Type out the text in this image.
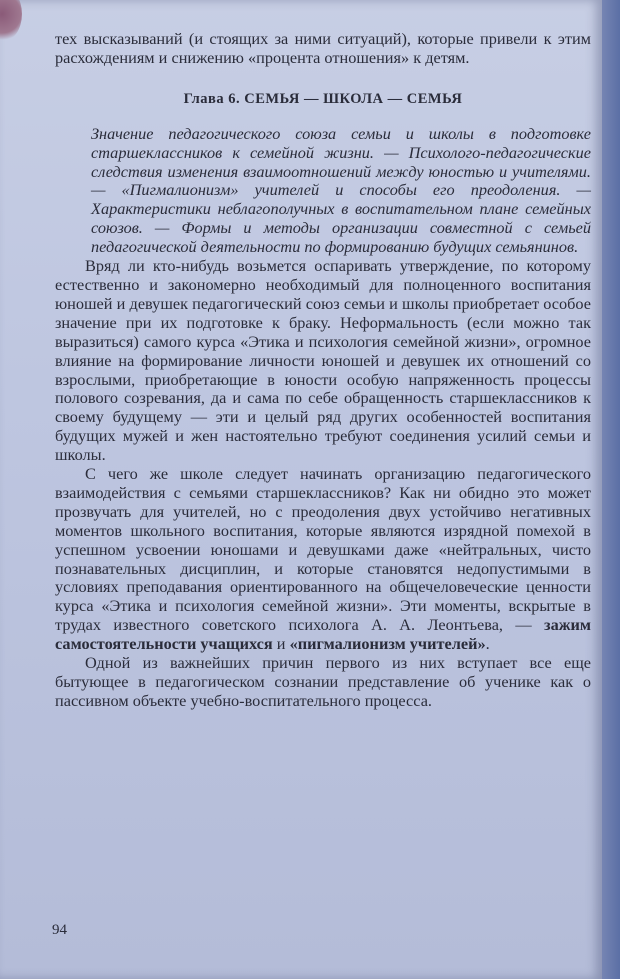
тех высказываний (и стоящих за ними ситуаций), которые привели к этим расхождениям и снижению «процента отношения» к детям.

Глава 6. СЕМЬЯ — ШКОЛА — СЕМЬЯ

Значение педагогического союза семьи и школы в подготовке старшеклассников к семейной жизни. — Психолого-педагогические следствия изменения взаимоотношений между юностью и учителями. — «Пигмалионизм» учителей и способы его преодоления. — Характеристики неблагополучных в воспитательном плане семейных союзов. — Формы и методы организации совместной с семьей педагогической деятельности по формированию будущих семьянинов.

Вряд ли кто-нибудь возьмется оспаривать утверждение, по которому естественно и закономерно необходимый для полноценного воспитания юношей и девушек педагогический союз семьи и школы приобретает особое значение при их подготовке к браку. Неформальность (если можно так выразиться) самого курса «Этика и психология семейной жизни», огромное влияние на формирование личности юношей и девушек их отношений со взрослыми, приобретающие в юности особую напряженность процессы полового созревания, да и сама по себе обращенность старшеклассников к своему будущему — эти и целый ряд других особенностей воспитания будущих мужей и жен настоятельно требуют соединения усилий семьи и школы.

С чего же школе следует начинать организацию педагогического взаимодействия с семьями старшеклассников? Как ни обидно это может прозвучать для учителей, но с преодоления двух устойчиво негативных моментов школьного воспитания, которые являются изрядной помехой в успешном усвоении юношами и девушками даже «нейтральных, чисто познавательных дисциплин, и которые становятся недопустимыми в условиях преподавания ориентированного на общечеловеческие ценности курса «Этика и психология семейной жизни». Эти моменты, вскрытые в трудах известного советского психолога А. А. Леонтьева, — зажим самостоятельности учащихся и «пигмалионизм учителей».

Одной из важнейших причин первого из них вступает все еще бытующее в педагогическом сознании представление об ученике как о пассивном объекте учебно-воспитательного процесса.

94
